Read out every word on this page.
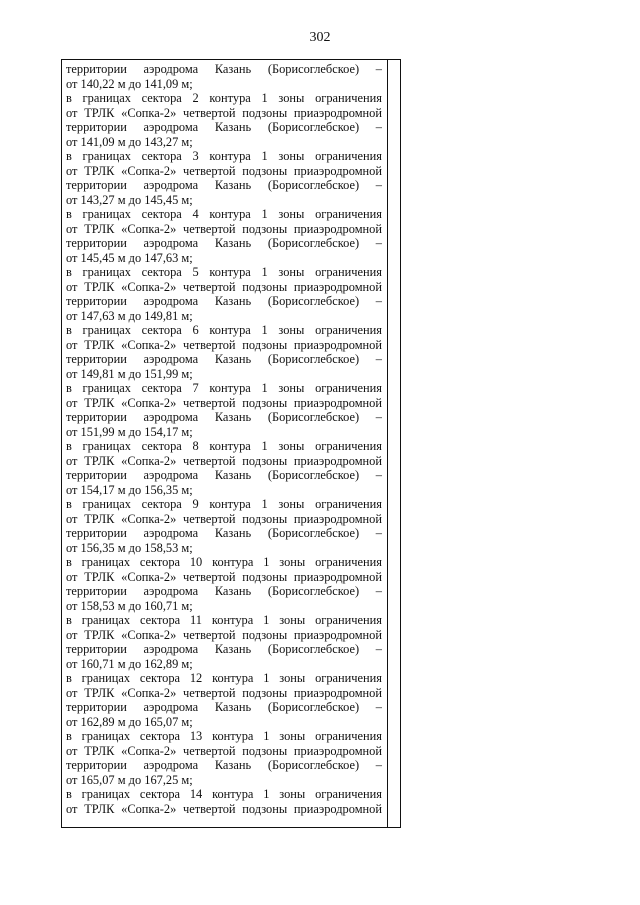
302
территории аэродрома Казань (Борисоглебское) –
от 140,22 м до 141,09 м;
в границах сектора 2 контура 1 зоны ограничения
от ТРЛК «Сопка-2» четвертой подзоны приаэродромной
территории аэродрома Казань (Борисоглебское) –
от 141,09 м до 143,27 м;
в границах сектора 3 контура 1 зоны ограничения
от ТРЛК «Сопка-2» четвертой подзоны приаэродромной
территории аэродрома Казань (Борисоглебское) –
от 143,27 м до 145,45 м;
в границах сектора 4 контура 1 зоны ограничения
от ТРЛК «Сопка-2» четвертой подзоны приаэродромной
территории аэродрома Казань (Борисоглебское) –
от 145,45 м до 147,63 м;
в границах сектора 5 контура 1 зоны ограничения
от ТРЛК «Сопка-2» четвертой подзоны приаэродромной
территории аэродрома Казань (Борисоглебское) –
от 147,63 м до 149,81 м;
в границах сектора 6 контура 1 зоны ограничения
от ТРЛК «Сопка-2» четвертой подзоны приаэродромной
территории аэродрома Казань (Борисоглебское) –
от 149,81 м до 151,99 м;
в границах сектора 7 контура 1 зоны ограничения
от ТРЛК «Сопка-2» четвертой подзоны приаэродромной
территории аэродрома Казань (Борисоглебское) –
от 151,99 м до 154,17 м;
в границах сектора 8 контура 1 зоны ограничения
от ТРЛК «Сопка-2» четвертой подзоны приаэродромной
территории аэродрома Казань (Борисоглебское) –
от 154,17 м до 156,35 м;
в границах сектора 9 контура 1 зоны ограничения
от ТРЛК «Сопка-2» четвертой подзоны приаэродромной
территории аэродрома Казань (Борисоглебское) –
от 156,35 м до 158,53 м;
в границах сектора 10 контура 1 зоны ограничения
от ТРЛК «Сопка-2» четвертой подзоны приаэродромной
территории аэродрома Казань (Борисоглебское) –
от 158,53 м до 160,71 м;
в границах сектора 11 контура 1 зоны ограничения
от ТРЛК «Сопка-2» четвертой подзоны приаэродромной
территории аэродрома Казань (Борисоглебское) –
от 160,71 м до 162,89 м;
в границах сектора 12 контура 1 зоны ограничения
от ТРЛК «Сопка-2» четвертой подзоны приаэродромной
территории аэродрома Казань (Борисоглебское) –
от 162,89 м до 165,07 м;
в границах сектора 13 контура 1 зоны ограничения
от ТРЛК «Сопка-2» четвертой подзоны приаэродромной
территории аэродрома Казань (Борисоглебское) –
от 165,07 м до 167,25 м;
в границах сектора 14 контура 1 зоны ограничения
от ТРЛК «Сопка-2» четвертой подзоны приаэродромной
